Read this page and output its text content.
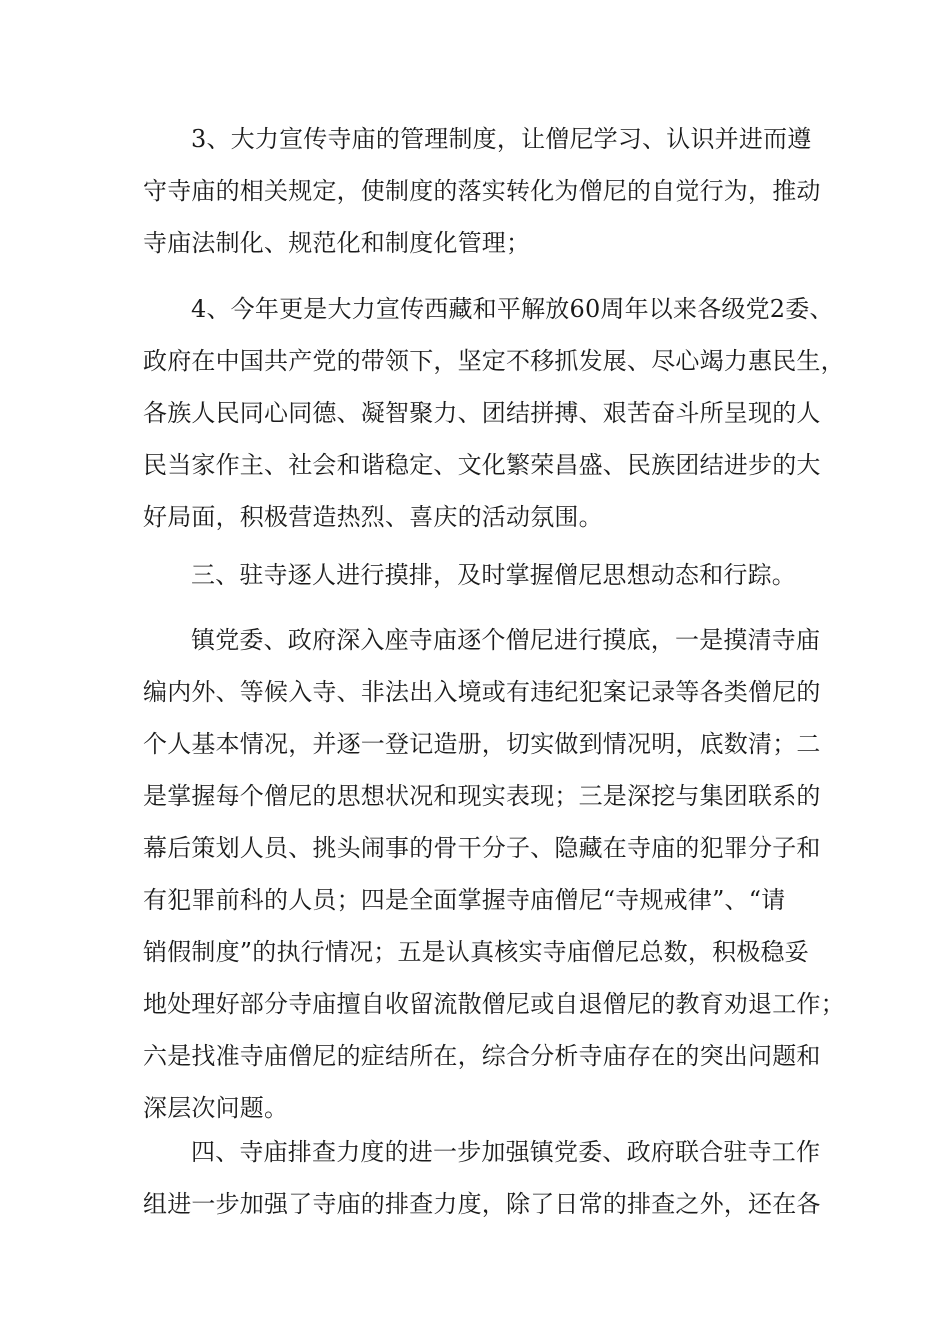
3、大力宣传寺庙的管理制度，让僧尼学习、认识并进而遵
守寺庙的相关规定，使制度的落实转化为僧尼的自觉行为，推动
寺庙法制化、规范化和制度化管理；
4、今年更是大力宣传西藏和平解放60周年以来各级党2委、
政府在中国共产党的带领下，坚定不移抓发展、尽心竭力惠民生，
各族人民同心同德、凝智聚力、团结拼搏、艰苦奋斗所呈现的人
民当家作主、社会和谐稳定、文化繁荣昌盛、民族团结进步的大
好局面，积极营造热烈、喜庆的活动氛围。
三、驻寺逐人进行摸排，及时掌握僧尼思想动态和行踪。
镇党委、政府深入座寺庙逐个僧尼进行摸底，一是摸清寺庙
编内外、等候入寺、非法出入境或有违纪犯案记录等各类僧尼的
个人基本情况，并逐一登记造册，切实做到情况明，底数清；二
是掌握每个僧尼的思想状况和现实表现；三是深挖与集团联系的
幕后策划人员、挑头闹事的骨干分子、隐藏在寺庙的犯罪分子和
有犯罪前科的人员；四是全面掌握寺庙僧尼“寺规戒律”、“请
销假制度”的执行情况；五是认真核实寺庙僧尼总数，积极稳妥
地处理好部分寺庙擅自收留流散僧尼或自退僧尼的教育劝退工作；
六是找准寺庙僧尼的症结所在，综合分析寺庙存在的突出问题和
深层次问题。
四、寺庙排查力度的进一步加强镇党委、政府联合驻寺工作
组进一步加强了寺庙的排查力度，除了日常的排查之外，还在各
